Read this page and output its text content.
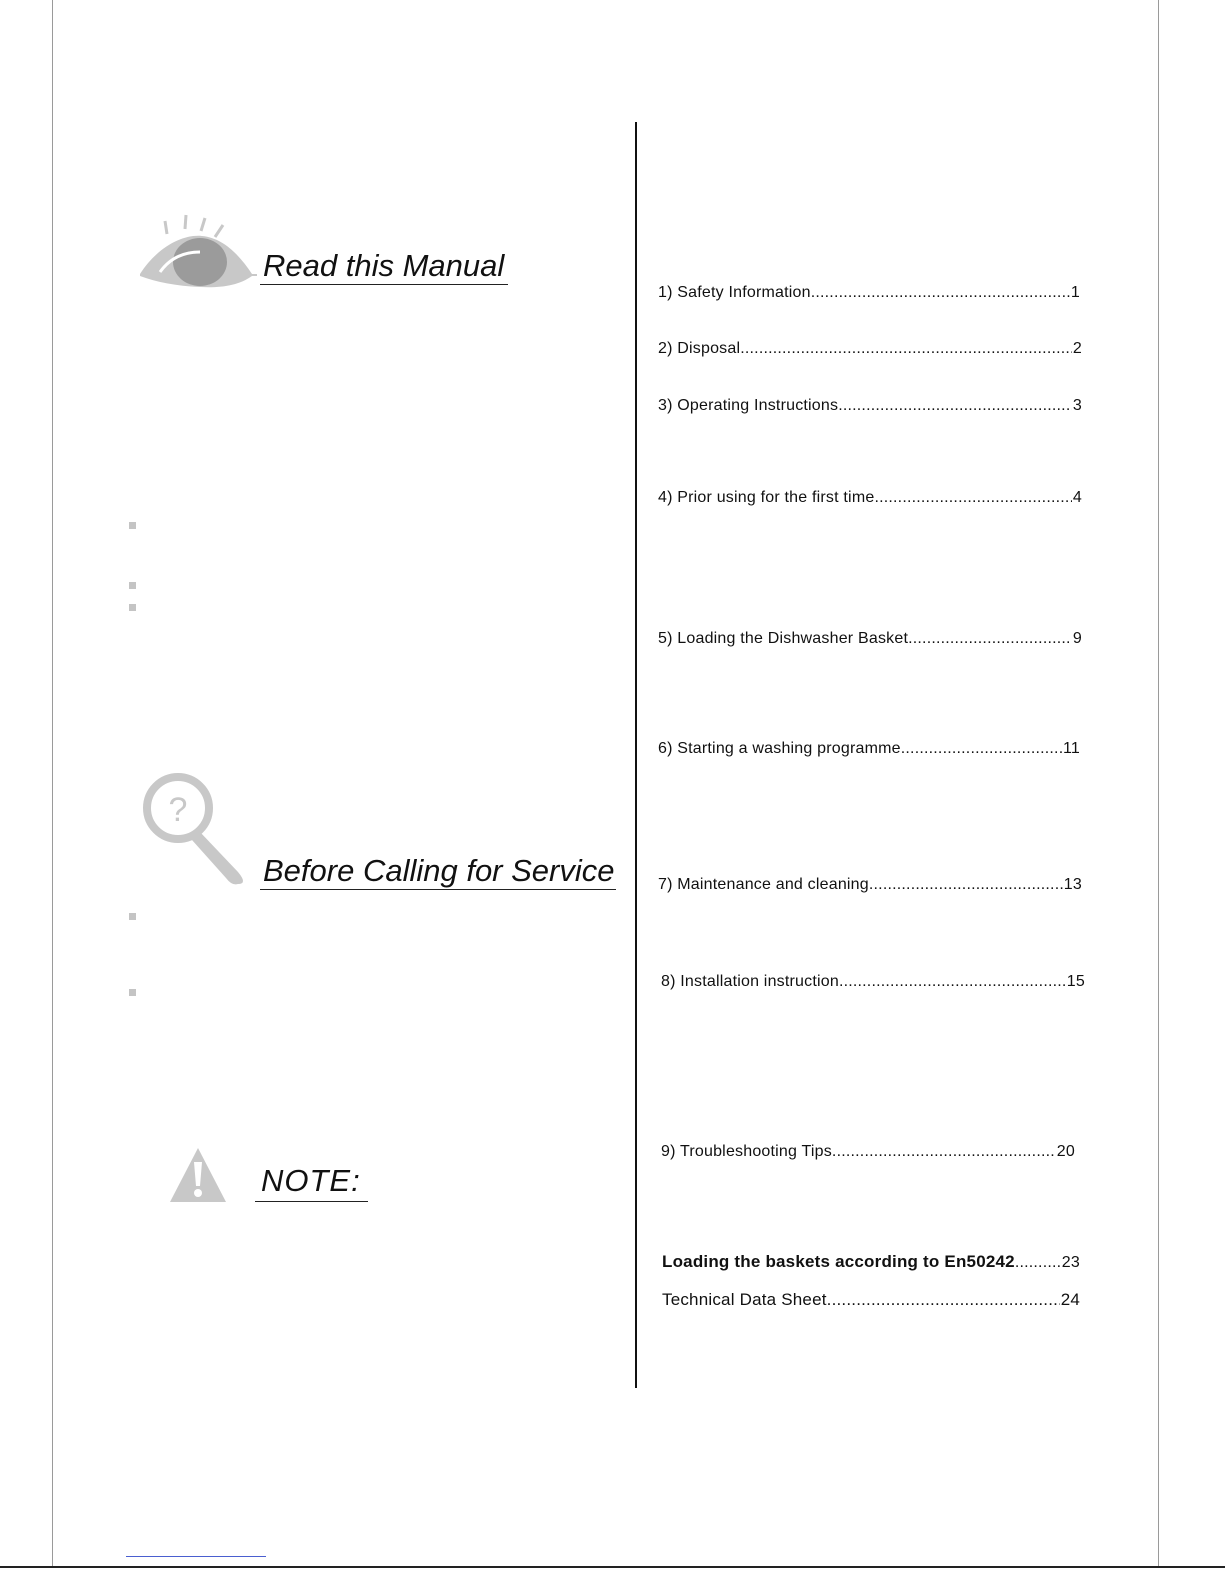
Read this Manual
?
Before Calling for Service
NOTE:
1) Safety Information .....	1
2) Disposal .....	2
3) Operating Instructions .....	3
4) Prior using for the first time .....	4
5) Loading the Dishwasher Basket .....	9
6) Starting a washing programme .....	11
7) Maintenance and cleaning .....	13
8) Installation instruction .....	15
9) Troubleshooting Tips .....	20
Loading the baskets according to En50242 .....	23
Technical Data Sheet .....	24
